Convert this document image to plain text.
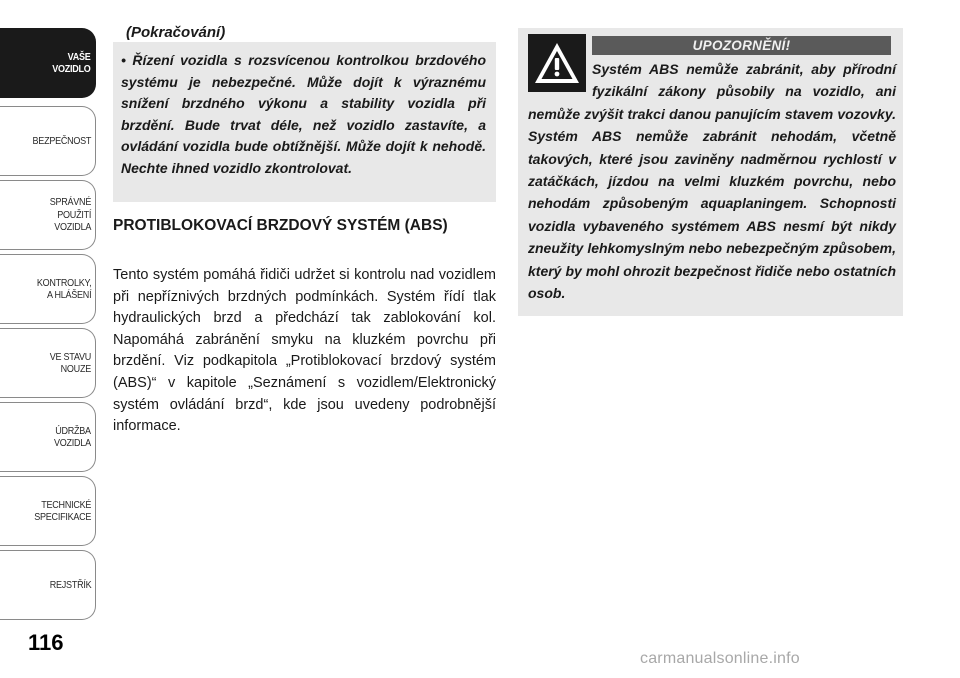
VAŠE
VOZIDLO
BEZPEČNOST
SPRÁVNÉ
POUŽITÍ
VOZIDLA
KONTROLKY,
A HLÁŠENÍ
VE STAVU
NOUZE
ÚDRŽBA
VOZIDLA
TECHNICKÉ
SPECIFIKACE
REJSTŘÍK
116
(Pokračování)

• Řízení vozidla s rozsvícenou kontrolkou brzdového systému je nebezpečné. Může dojít k výraznému snížení brzdného výkonu a stability vozidla při brzdění. Bude trvat déle, než vozidlo zastavíte, a ovládání vozidla bude obtížnější. Může dojít k nehodě. Nechte ihned vozidlo zkontrolovat.

PROTIBLOKOVACÍ BRZDOVÝ SYSTÉM (ABS)

Tento systém pomáhá řidiči udržet si kontrolu nad vozidlem při nepříznivých brzdných podmínkách. Systém řídí tlak hydraulických brzd a předchází tak zablokování kol. Napomáhá zabránění smyku na kluzkém povrchu při brzdění. Viz podkapitola „Protiblokovací brzdový systém (ABS)“ v kapitole „Seznámení s vozidlem/Elektronický systém ovládání brzd“, kde jsou uvedeny podrobnější informace.

UPOZORNĚNÍ!

Systém ABS nemůže zabránit, aby přírodní fyzikální zákony působily na vozidlo, ani nemůže zvýšit trakci danou panujícím stavem vozovky. Systém ABS nemůže zabránit nehodám, včetně takových, které jsou zaviněny nadměrnou rychlostí v zatáčkách, jízdou na velmi kluzkém povrchu, nebo nehodám způsobeným aquaplaningem. Schopnosti vozidla vybaveného systémem ABS nesmí být nikdy zneužity lehkomyslným nebo nebezpečným způsobem, který by mohl ohrozit bezpečnost řidiče nebo ostatních osob.

carmanualsonline.info
